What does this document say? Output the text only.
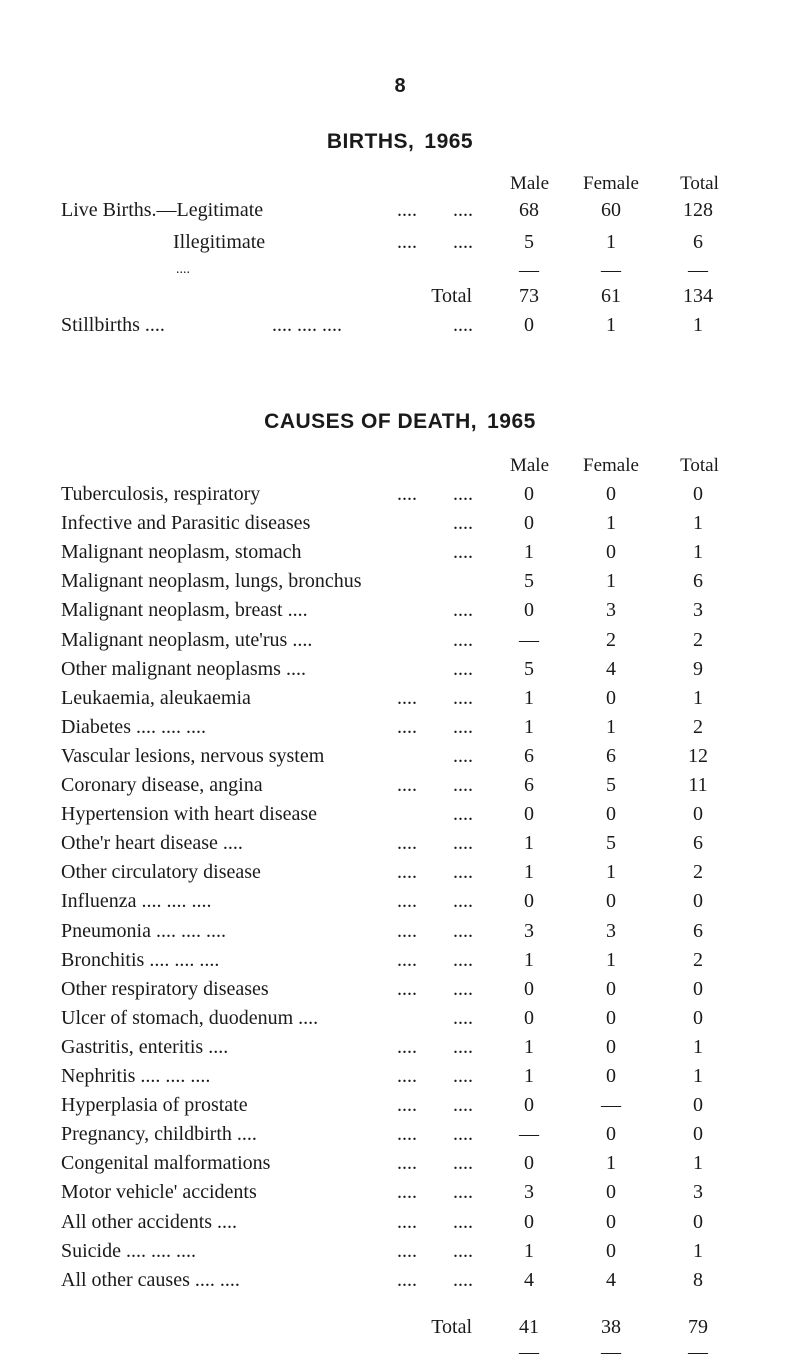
8
BIRTHS, 1965
Male	Female	Total
Live Births.—Legitimate	.... ....	68	60	128
Illegitimate	.... ....	5	1	6
....	—	—	—
Total	73	61	134
Stillbirths ....	.... .... ....	....	0	1	1
CAUSES OF DEATH, 1965
Male	Female	Total
Tuberculosis, respiratory	.... ....	0	0	0
Infective and Parasitic diseases	....	0	1	1
Malignant neoplasm, stomach	....	1	0	1
Malignant neoplasm, lungs, bronchus	5	1	6
Malignant neoplasm, breast ....	....	0	3	3
Malignant neoplasm, ute'rus ....	....	—	2	2
Other malignant neoplasms ....	....	5	4	9
Leukaemia, aleukaemia	.... ....	1	0	1
Diabetes .... .... ....	.... ....	1	1	2
Vascular lesions, nervous system	....	6	6	12
Coronary disease, angina	.... ....	6	5	11
Hypertension with heart disease	....	0	0	0
Othe'r heart disease ....	.... ....	1	5	6
Other circulatory disease	.... ....	1	1	2
Influenza .... .... ....	.... ....	0	0	0
Pneumonia .... .... ....	.... ....	3	3	6
Bronchitis .... .... ....	.... ....	1	1	2
Other respiratory diseases	.... ....	0	0	0
Ulcer of stomach, duodenum ....	....	0	0	0
Gastritis, enteritis ....	.... ....	1	0	1
Nephritis .... .... ....	.... ....	1	0	1
Hyperplasia of prostate	.... ....	0	—	0
Pregnancy, childbirth ....	.... ....	—	0	0
Congenital malformations	.... ....	0	1	1
Motor vehicle' accidents	.... ....	3	0	3
All other accidents ....	.... ....	0	0	0
Suicide .... .... ....	.... ....	1	0	1
All other causes .... ....	.... ....	4	4	8
—	—	—
Total	41	38	79
